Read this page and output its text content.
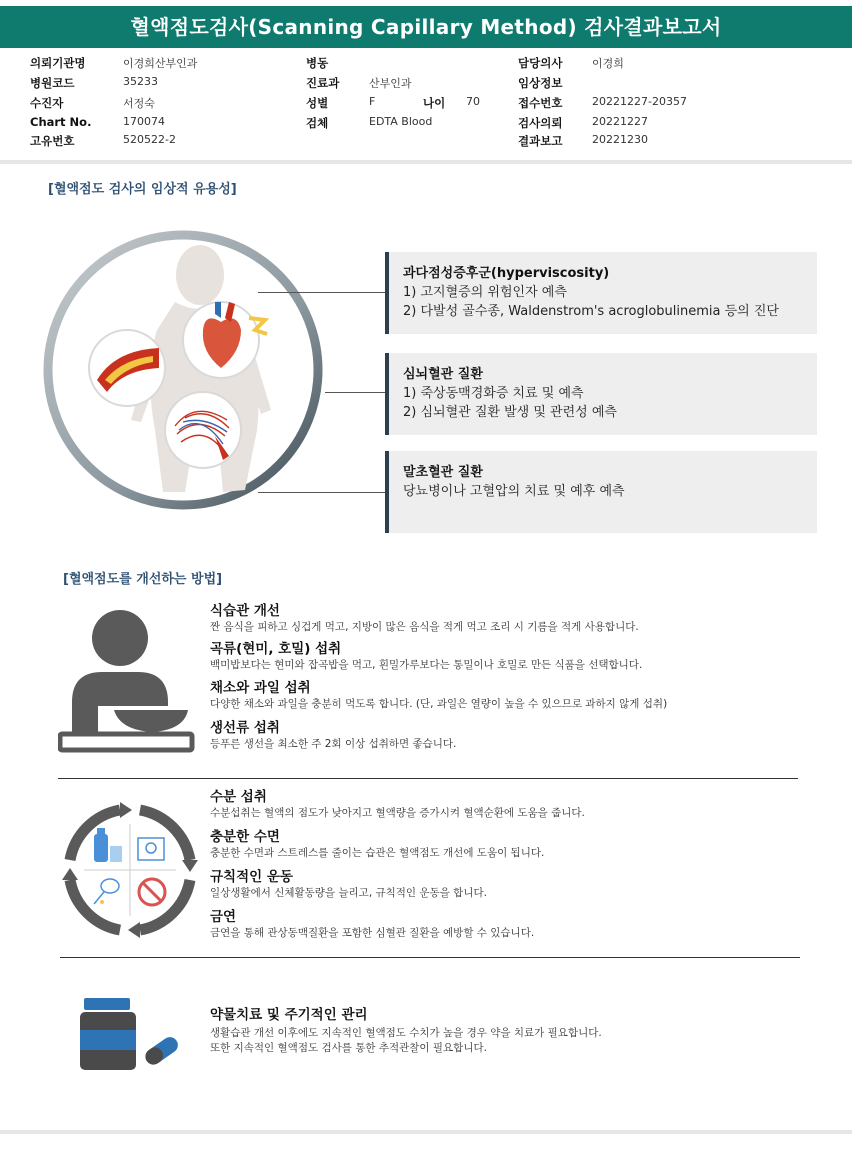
혈액점도검사(Scanning Capillary Method) 검사결과보고서
의뢰기관명	이경희산부인과
병원코드	35233
수진자	서정숙
Chart No.	170074
고유번호	520522-2
병동
진료과	산부인과
성별	F	나이 70
검체	EDTA Blood
담당의사	이경희
임상정보
접수번호	20221227-20357
검사의뢰	20221227
결과보고	20221230
[혈액점도 검사의 임상적 유용성]
과다점성증후군(hyperviscosity)
1) 고지혈증의 위험인자 예측
2) 다발성 골수종, Waldenstrom's acroglobulinemia 등의 진단
심뇌혈관 질환
1) 죽상동맥경화증 치료 및 예측
2) 심뇌혈관 질환 발생 및 관련성 예측
말초혈관 질환
당뇨병이나 고혈압의 치료 및 예후 예측
[혈액점도를 개선하는 방법]
식습관 개선
짠 음식을 피하고 싱겁게 먹고, 지방이 많은 음식을 적게 먹고 조리 시 기름을 적게 사용합니다.
곡류(현미, 호밀) 섭취
백미밥보다는 현미와 잡곡밥을 먹고, 흰밀가루보다는 통밀이나 호밀로 만든 식품을 선택합니다.
채소와 과일 섭취
다양한 채소와 과일을 충분히 먹도록 합니다. (단, 과일은 열량이 높을 수 있으므로 과하지 않게 섭취)
생선류 섭취
등푸른 생선을 최소한 주 2회 이상 섭취하면 좋습니다.
수분 섭취
수분섭취는 혈액의 점도가 낮아지고 혈액량을 증가시켜 혈액순환에 도움을 줍니다.
충분한 수면
충분한 수면과 스트레스를 줄이는 습관은 혈액점도 개선에 도움이 됩니다.
규칙적인 운동
일상생활에서 신체활동량을 늘리고, 규칙적인 운동을 합니다.
금연
금연을 통해 관상동맥질환을 포함한 심혈관 질환을 예방할 수 있습니다.
약물치료 및 주기적인 관리
생활습관 개선 이후에도 지속적인 혈액점도 수치가 높을 경우 약을 치료가 필요합니다.
또한 지속적인 혈액점도 검사를 통한 추적관찰이 필요합니다.
